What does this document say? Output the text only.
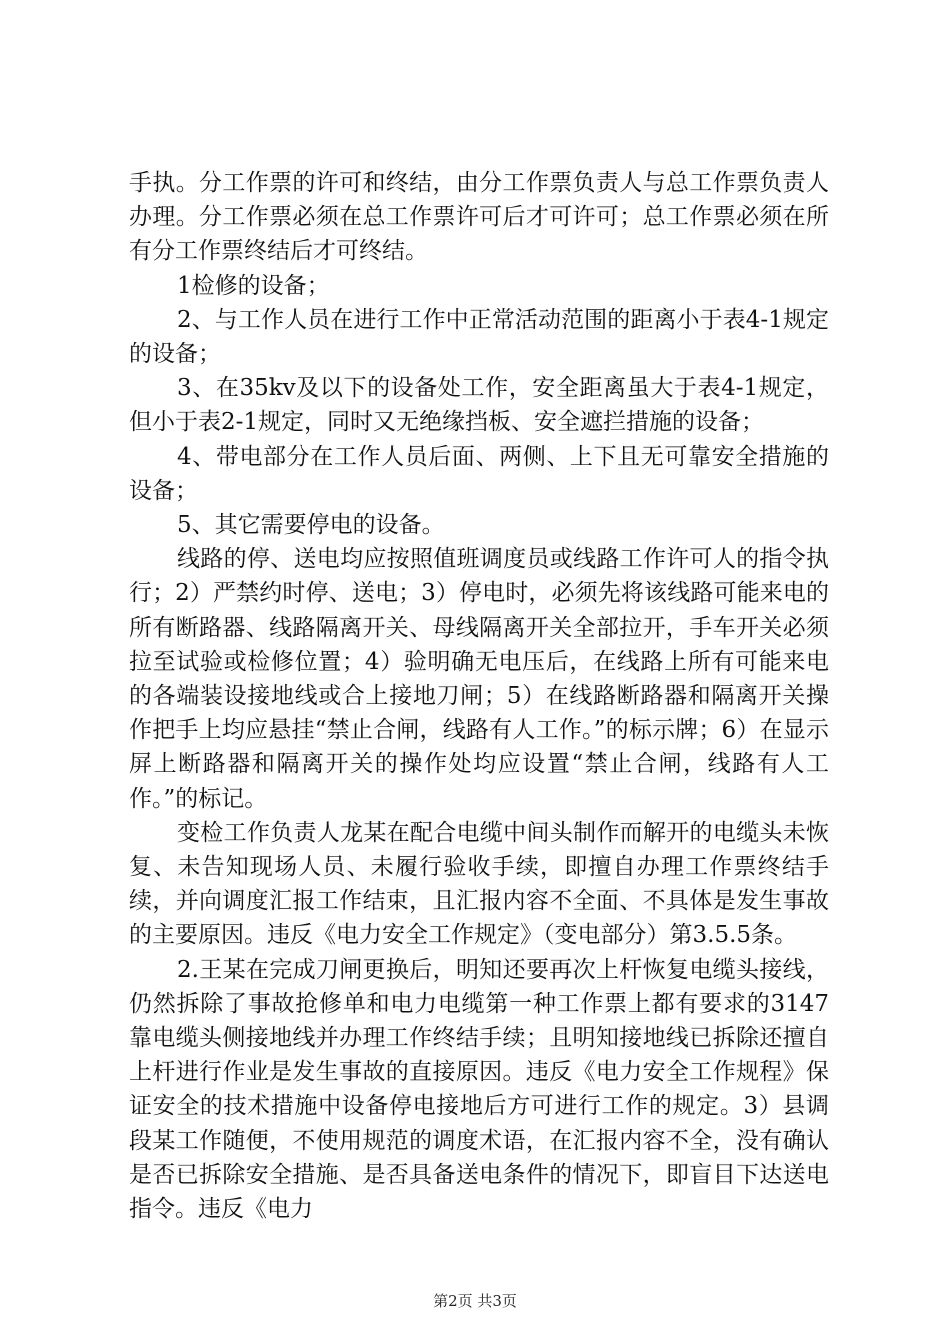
手执。分工作票的许可和终结，由分工作票负责人与总工作票负责人办理。分工作票必须在总工作票许可后才可许可；总工作票必须在所有分工作票终结后才可终结。

1检修的设备；

2、与工作人员在进行工作中正常活动范围的距离小于表4-1规定的设备；

3、在35kv及以下的设备处工作，安全距离虽大于表4-1规定，但小于表2-1规定，同时又无绝缘挡板、安全遮拦措施的设备；

4、带电部分在工作人员后面、两侧、上下且无可靠安全措施的设备；

5、其它需要停电的设备。

线路的停、送电均应按照值班调度员或线路工作许可人的指令执行；2）严禁约时停、送电；3）停电时，必须先将该线路可能来电的所有断路器、线路隔离开关、母线隔离开关全部拉开，手车开关必须拉至试验或检修位置；4）验明确无电压后，在线路上所有可能来电的各端装设接地线或合上接地刀闸；5）在线路断路器和隔离开关操作把手上均应悬挂“禁止合闸，线路有人工作。”的标示牌；6）在显示屏上断路器和隔离开关的操作处均应设置“禁止合闸，线路有人工作。”的标记。

变检工作负责人龙某在配合电缆中间头制作而解开的电缆头未恢复、未告知现场人员、未履行验收手续，即擅自办理工作票终结手续，并向调度汇报工作结束，且汇报内容不全面、不具体是发生事故的主要原因。违反《电力安全工作规定》（变电部分）第3.5.5条。

2.王某在完成刀闸更换后，明知还要再次上杆恢复电缆头接线，仍然拆除了事故抢修单和电力电缆第一种工作票上都有要求的3147靠电缆头侧接地线并办理工作终结手续；且明知接地线已拆除还擅自上杆进行作业是发生事故的直接原因。违反《电力安全工作规程》保证安全的技术措施中设备停电接地后方可进行工作的规定。3）县调段某工作随便，不使用规范的调度术语，在汇报内容不全，没有确认是否已拆除安全措施、是否具备送电条件的情况下，即盲目下达送电指令。违反《电力

第2页 共3页
